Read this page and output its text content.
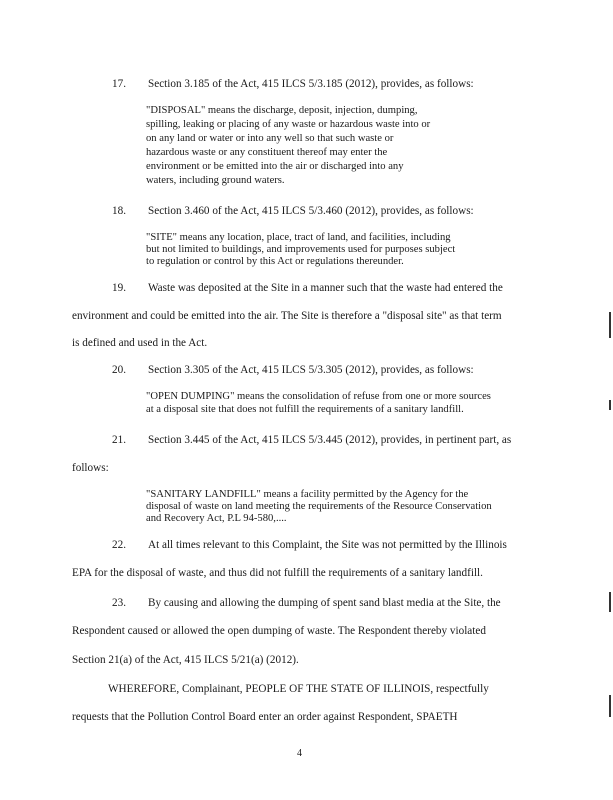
17. Section 3.185 of the Act, 415 ILCS 5/3.185 (2012), provides, as follows:
"DISPOSAL" means the discharge, deposit, injection, dumping,
spilling, leaking or placing of any waste or hazardous waste into or
on any land or water or into any well so that such waste or
hazardous waste or any constituent thereof may enter the
environment or be emitted into the air or discharged into any
waters, including ground waters.
18. Section 3.460 of the Act, 415 ILCS 5/3.460 (2012), provides, as follows:
"SITE" means any location, place, tract of land, and facilities, including
but not limited to buildings, and improvements used for purposes subject
to regulation or control by this Act or regulations thereunder.
19. Waste was deposited at the Site in a manner such that the waste had entered the
environment and could be emitted into the air. The Site is therefore a "disposal site" as that term
is defined and used in the Act.
20. Section 3.305 of the Act, 415 ILCS 5/3.305 (2012), provides, as follows:
"OPEN DUMPING" means the consolidation of refuse from one or more sources
at a disposal site that does not fulfill the requirements of a sanitary landfill.
21. Section 3.445 of the Act, 415 ILCS 5/3.445 (2012), provides, in pertinent part, as
follows:
"SANITARY LANDFILL" means a facility permitted by the Agency for the
disposal of waste on land meeting the requirements of the Resource Conservation
and Recovery Act, P.L 94-580,....
22. At all times relevant to this Complaint, the Site was not permitted by the Illinois
EPA for the disposal of waste, and thus did not fulfill the requirements of a sanitary landfill.
23. By causing and allowing the dumping of spent sand blast media at the Site, the
Respondent caused or allowed the open dumping of waste. The Respondent thereby violated
Section 21(a) of the Act, 415 ILCS 5/21(a) (2012).
WHEREFORE, Complainant, PEOPLE OF THE STATE OF ILLINOIS, respectfully
requests that the Pollution Control Board enter an order against Respondent, SPAETH
4
